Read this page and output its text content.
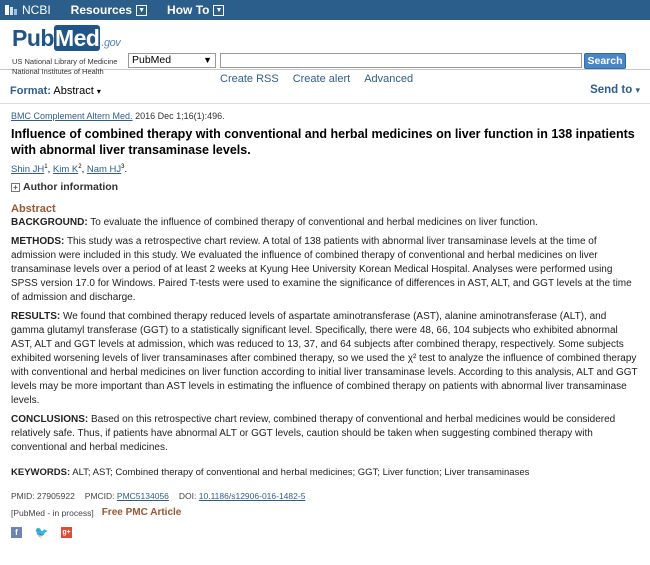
NCBI Resources ▼ How To ▼
PubMed .gov
US National Library of Medicine
National Institutes of Health
PubMed	▼	Search
Create RSS Create alert Advanced
Format: Abstract ▾	Send to ▾
BMC Complement Altern Med. 2016 Dec 1;16(1):496.
Influence of combined therapy with conventional and herbal medicines on liver function in 138 inpatients with abnormal liver transaminase levels.
Shin $JH^1$, Kim $K^2$, Nam $HJ^3$.
+ Author information
Abstract

BACKGROUND: To evaluate the influence of combined therapy of conventional and herbal medicines on liver function.

METHODS: This study was a retrospective chart review. A total of 138 patients with abnormal liver transaminase levels at the time of admission were included in this study. We evaluated the influence of combined therapy of conventional and herbal medicines on liver transaminase levels over a period of at least 2 weeks at Kyung Hee University Korean Medical Hospital. Analyses were performed using SPSS version 17.0 for Windows. Paired T-tests were used to examine the significance of differences in AST, ALT, and GGT levels at the time of admission and discharge.

RESULTS: We found that combined therapy reduced levels of aspartate aminotransferase (AST), alanine aminotransferase (ALT), and gamma glutamyl transferase (GGT) to a statistically significant level. Specifically, there were 48, 66, 104 subjects who exhibited abnormal AST, ALT and GGT levels at admission, which was reduced to 13, 37, and 64 subjects after combined therapy, respectively. Some subjects exhibited worsening levels of liver transaminases after combined therapy, so we used the χ² test to analyze the influence of combined therapy with conventional and herbal medicines on liver function according to initial liver transaminase levels. According to this analysis, ALT and GGT levels may be more important than AST levels in estimating the influence of combined therapy on patients with abnormal liver transaminase levels.

CONCLUSIONS: Based on this retrospective chart review, combined therapy of conventional and herbal medicines would be considered relatively safe. Thus, if patients have abnormal ALT or GGT levels, caution should be taken when suggesting combined therapy with conventional and herbal medicines.

KEYWORDS: ALT; AST; Combined therapy of conventional and herbal medicines; GGT; Liver function; Liver transaminases
PMID: 27905922 PMCID: PMC5134056 DOI: 10.1186/s12906-016-1482-5
[PubMed - in process] Free PMC Article
f	🐦 g+
